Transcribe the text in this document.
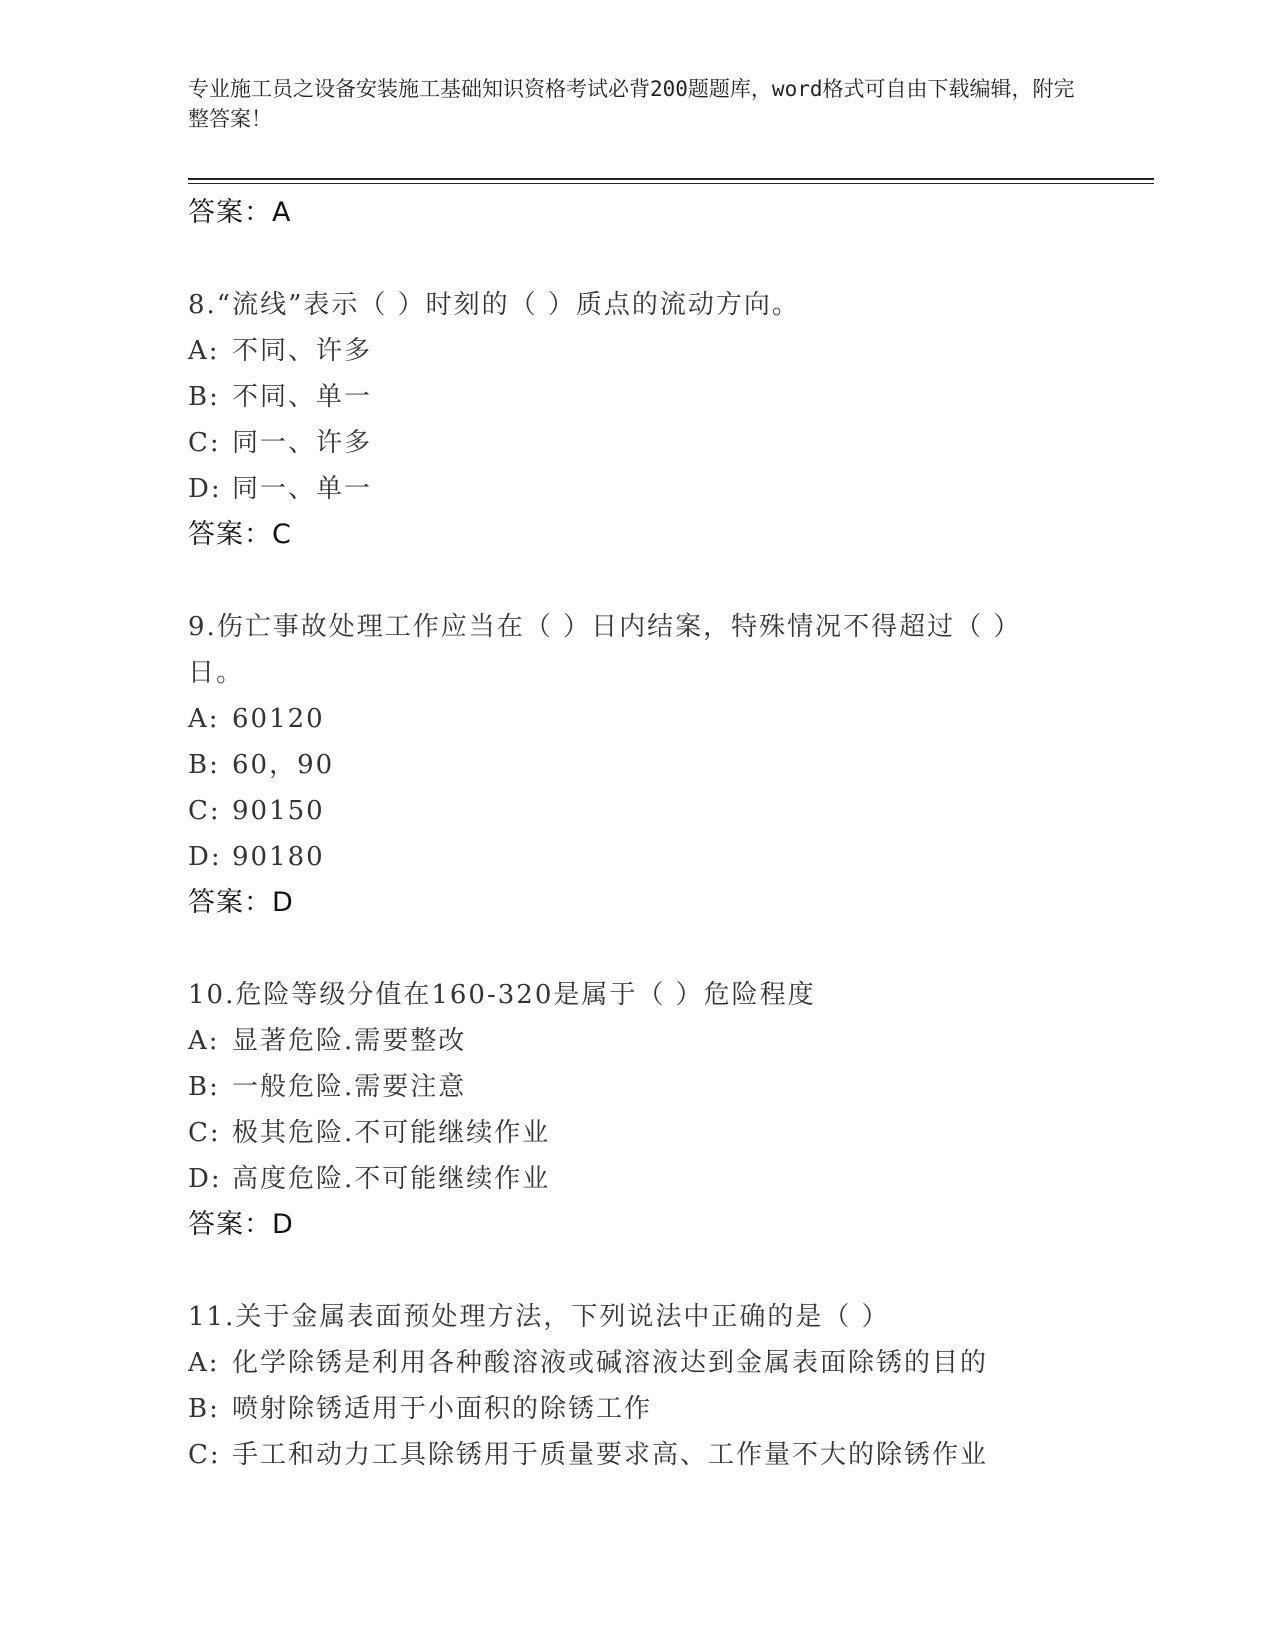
专业施工员之设备安装施工基础知识资格考试必背200题题库，word格式可自由下载编辑，附完整答案！
答案：A
8.“流线”表示（ ）时刻的（ ）质点的流动方向。
A: 不同、许多
B: 不同、单一
C: 同一、许多
D: 同一、单一
答案：C
9.伤亡事故处理工作应当在（ ）日内结案，特殊情况不得超过（ ）日。
A: 60120
B: 60，90
C: 90150
D: 90180
答案：D
10.危险等级分值在160-320是属于（ ）危险程度
A: 显著危险.需要整改
B: 一般危险.需要注意
C: 极其危险.不可能继续作业
D: 高度危险.不可能继续作业
答案：D
11.关于金属表面预处理方法，下列说法中正确的是（ ）
A: 化学除锈是利用各种酸溶液或碱溶液达到金属表面除锈的目的
B: 喷射除锈适用于小面积的除锈工作
C: 手工和动力工具除锈用于质量要求高、工作量不大的除锈作业
